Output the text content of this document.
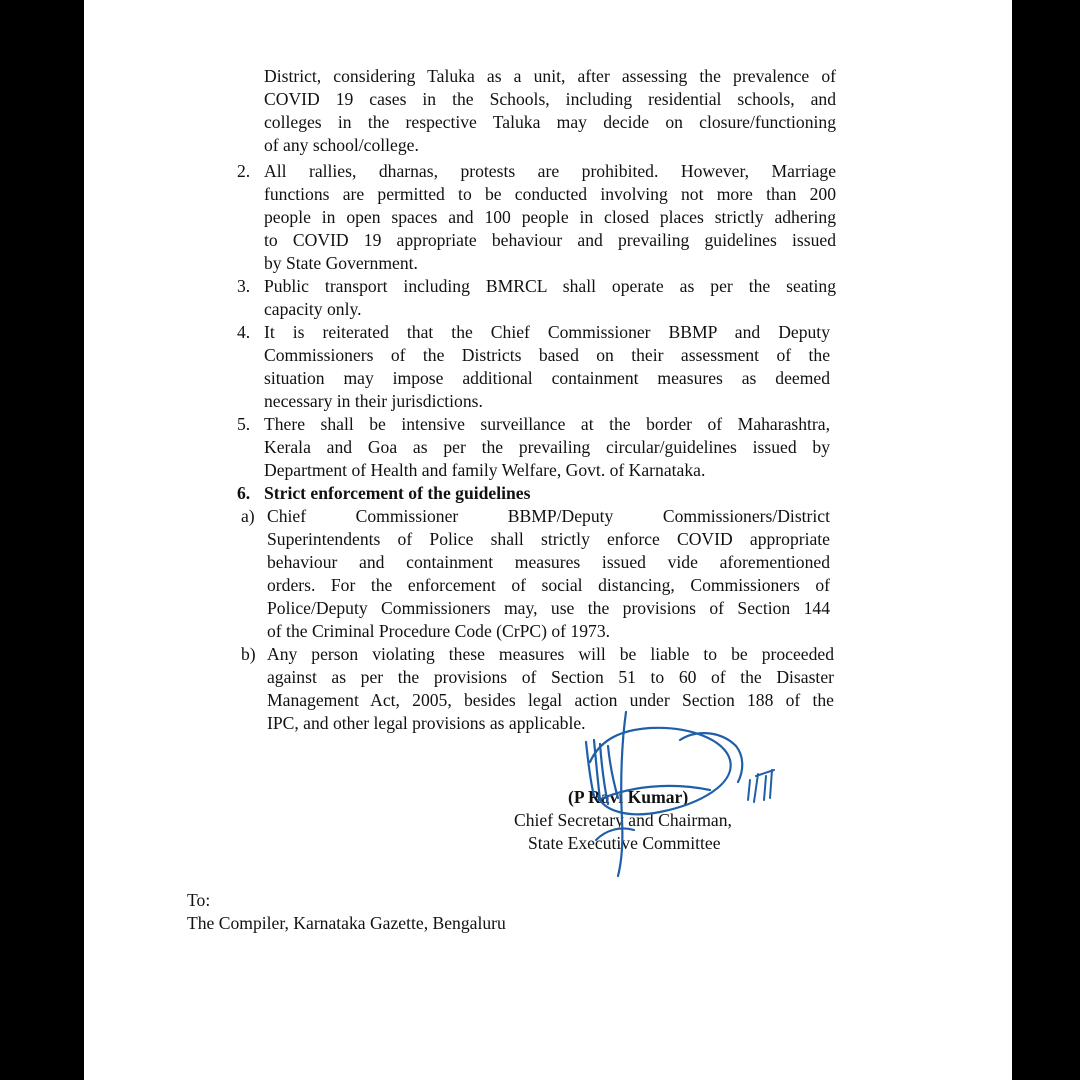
District, considering Taluka as a unit, after assessing the prevalence of
COVID 19 cases in the Schools, including residential schools, and
colleges in the respective Taluka may decide on closure/functioning
of any school/college.
2. All rallies, dharnas, protests are prohibited. However, Marriage
functions are permitted to be conducted involving not more than 200
people in open spaces and 100 people in closed places strictly adhering
to COVID 19 appropriate behaviour and prevailing guidelines issued
by State Government.
3. Public transport including BMRCL shall operate as per the seating
capacity only.
4. It is reiterated that the Chief Commissioner BBMP and Deputy
Commissioners of the Districts based on their assessment of the
situation may impose additional containment measures as deemed
necessary in their jurisdictions.
5. There shall be intensive surveillance at the border of Maharashtra,
Kerala and Goa as per the prevailing circular/guidelines issued by
Department of Health and family Welfare, Govt. of Karnataka.
6. Strict enforcement of the guidelines
a) Chief Commissioner BBMP/Deputy Commissioners/District
Superintendents of Police shall strictly enforce COVID appropriate
behaviour and containment measures issued vide aforementioned
orders. For the enforcement of social distancing, Commissioners of
Police/Deputy Commissioners may, use the provisions of Section 144
of the Criminal Procedure Code (CrPC) of 1973.
b) Any person violating these measures will be liable to be proceeded
against as per the provisions of Section 51 to 60 of the Disaster
Management Act, 2005, besides legal action under Section 188 of the
IPC, and other legal provisions as applicable.
(P Ravi Kumar)
Chief Secretary and Chairman,
State Executive Committee
To:
The Compiler, Karnataka Gazette, Bengaluru
